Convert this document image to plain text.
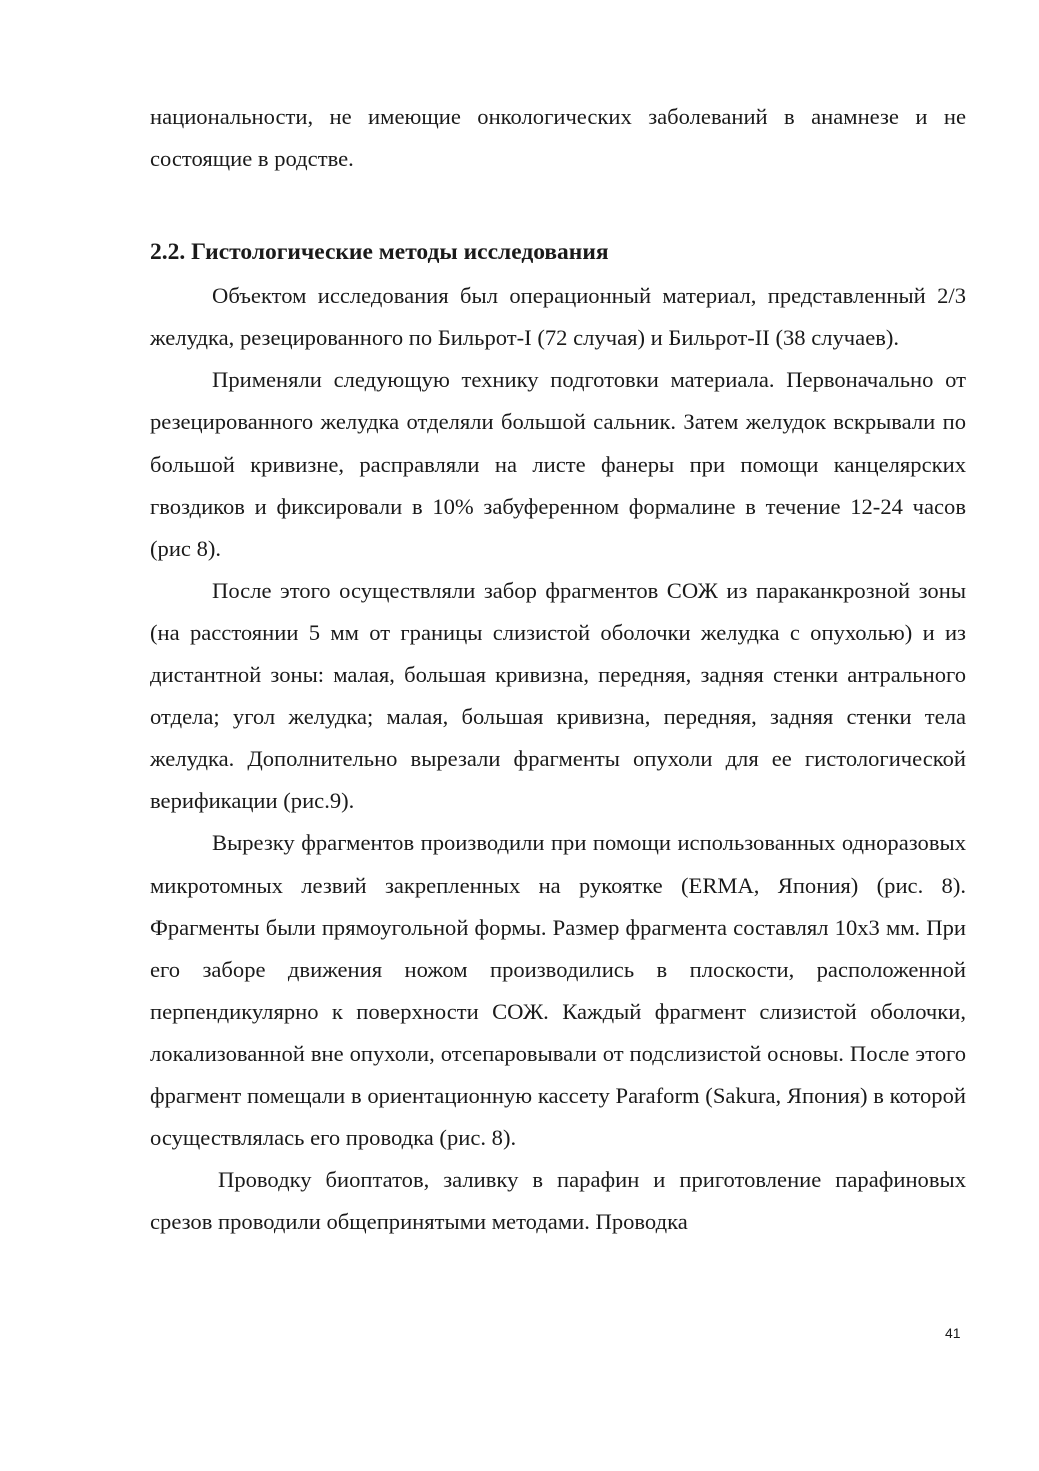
национальности, не имеющие онкологических заболеваний в анамнезе и не состоящие в родстве.

2.2. Гистологические методы исследования

Объектом исследования был операционный материал, представленный 2/3 желудка, резецированного по Бильрот-I (72 случая) и Бильрот-II (38 случаев).

Применяли следующую технику подготовки материала. Первоначально от резецированного желудка отделяли большой сальник. Затем желудок вскрывали по большой кривизне, расправляли на листе фанеры при помощи канцелярских гвоздиков и фиксировали в 10% забуференном формалине в течение 12-24 часов (рис 8).

После этого осуществляли забор фрагментов СОЖ из параканкрозной зоны (на расстоянии 5 мм от границы слизистой оболочки желудка с опухолью) и из дистантной зоны: малая, большая кривизна, передняя, задняя стенки антрального отдела; угол желудка; малая, большая кривизна, передняя, задняя стенки тела желудка. Дополнительно вырезали фрагменты опухоли для ее гистологической верификации (рис.9).

Вырезку фрагментов производили при помощи использованных одноразовых микротомных лезвий закрепленных на рукоятке (ERMA, Япония) (рис. 8). Фрагменты были прямоугольной формы. Размер фрагмента составлял 10х3 мм. При его заборе движения ножом производились в плоскости, расположенной перпендикулярно к поверхности СОЖ. Каждый фрагмент слизистой оболочки, локализованной вне опухоли, отсепаровывали от подслизистой основы. После этого фрагмент помещали в ориентационную кассету Paraform (Sakura, Япония) в которой осуществлялась его проводка (рис. 8).

Проводку биоптатов, заливку в парафин и приготовление парафиновых срезов проводили общепринятыми методами. Проводка

41
